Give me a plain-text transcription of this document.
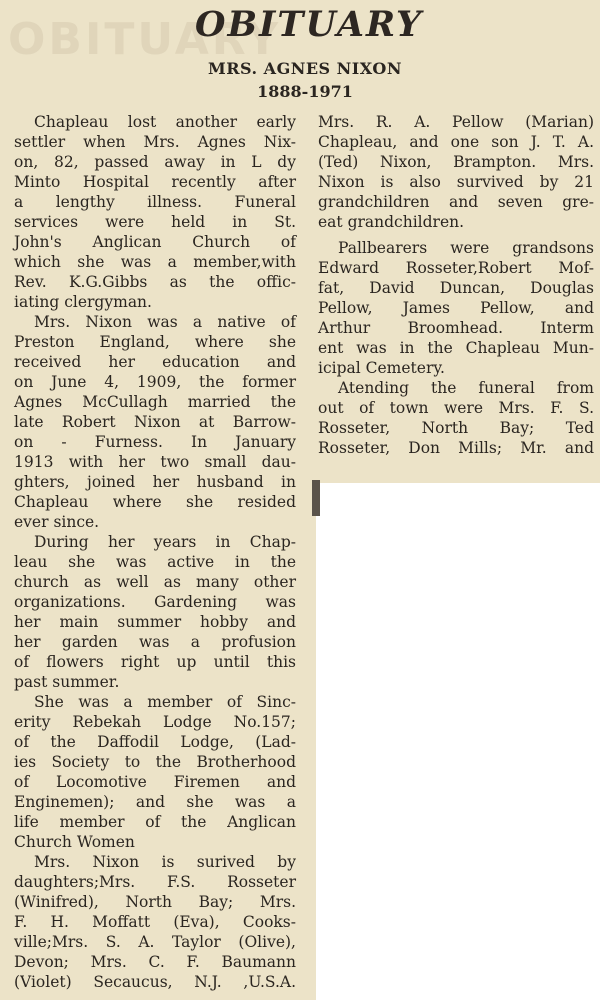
OBITUARY
OBITUARY
MRS. AGNES NIXON
1888-1971
Chapleau lost another early
settler when Mrs. Agnes Nix-
on, 82, passed away in L dy
Minto Hospital recently after
a lengthy illness. Funeral
services were held in St.
John's Anglican Church of
which she was a member,with
Rev. K.G.Gibbs as the offic-
iating clergyman.
Mrs. Nixon was a native of
Preston England, where she
received her education and
on June 4, 1909, the former
Agnes McCullagh married the
late Robert Nixon at Barrow-
on - Furness. In January
1913 with her two small dau-
ghters, joined her husband in
Chapleau where she resided
ever since.
During her years in Chap-
leau she was active in the
church as well as many other
organizations. Gardening was
her main summer hobby and
her garden was a profusion
of flowers right up until this
past summer.
She was a member of Sinc-
erity Rebekah Lodge No.157;
of the Daffodil Lodge, (Lad-
ies Society to the Brotherhood
of Locomotive Firemen and
Enginemen); and she was a
life member of the Anglican
Church Women
Mrs. Nixon is surived by
daughters;Mrs. F.S. Rosseter
(Winifred), North Bay; Mrs.
F. H. Moffatt (Eva), Cooks-
ville;Mrs. S. A. Taylor (Olive),
Devon; Mrs. C. F. Baumann
(Violet) Secaucus, N.J. ,U.S.A.
Mrs. R. A. Pellow (Marian)
Chapleau, and one son J. T. A.
(Ted) Nixon, Brampton. Mrs.
Nixon is also survived by 21
grandchildren and seven gre-
eat grandchildren.
Pallbearers were grandsons
Edward Rosseter,Robert Mof-
fat, David Duncan, Douglas
Pellow, James Pellow, and
Arthur Broomhead. Interm
ent was in the Chapleau Mun-
icipal Cemetery.
Atending the funeral from
out of town were Mrs. F. S.
Rosseter, North Bay; Ted
Rosseter, Don Mills; Mr. and
